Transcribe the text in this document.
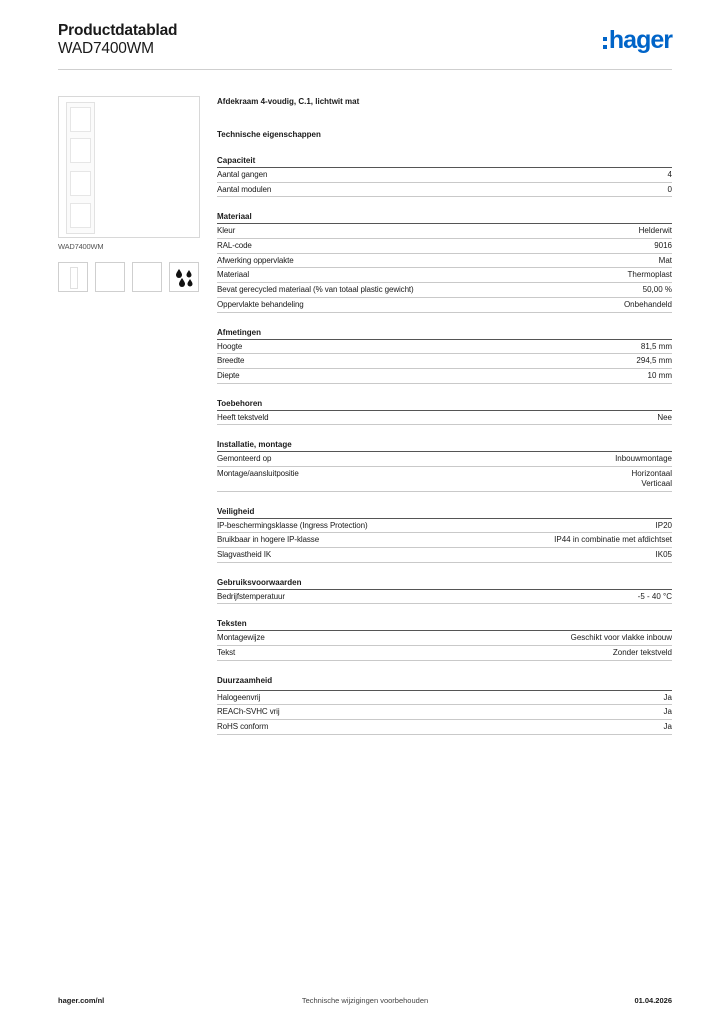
Productdatablad
WAD7400WM	hager
WAD7400WM
Afdekraam 4-voudig, C.1, lichtwit mat
Technische eigenschappen
Capaciteit
Aantal gangen	4
Aantal modulen	0
Materiaal
Kleur	Helderwit
RAL-code	9016
Afwerking oppervlakte	Mat
Materiaal	Thermoplast
Bevat gerecycled materiaal (% van totaal plastic gewicht)	50,00 %
Oppervlakte behandeling	Onbehandeld
Afmetingen
Hoogte	81,5 mm
Breedte	294,5 mm
Diepte	10 mm
Toebehoren
Heeft tekstveld	Nee
Installatie, montage
Gemonteerd op	Inbouwmontage
Montage/aansluitpositie	Horizontaal
Verticaal
Veiligheid
IP-beschermingsklasse (Ingress Protection)	IP20
Bruikbaar in hogere IP-klasse	IP44 in combinatie met afdichtset
Slagvastheid IK	IK05
Gebruiksvoorwaarden
Bedrijfstemperatuur	-5 - 40 °C
Teksten
Montagewijze	Geschikt voor vlakke inbouw
Tekst	Zonder tekstveld
Duurzaamheid
Halogeenvrij	Ja
REACh-SVHC vrij	Ja
RoHS conform	Ja
Technische wijzigingen voorbehouden
hager.com/nl	01.04.2026
